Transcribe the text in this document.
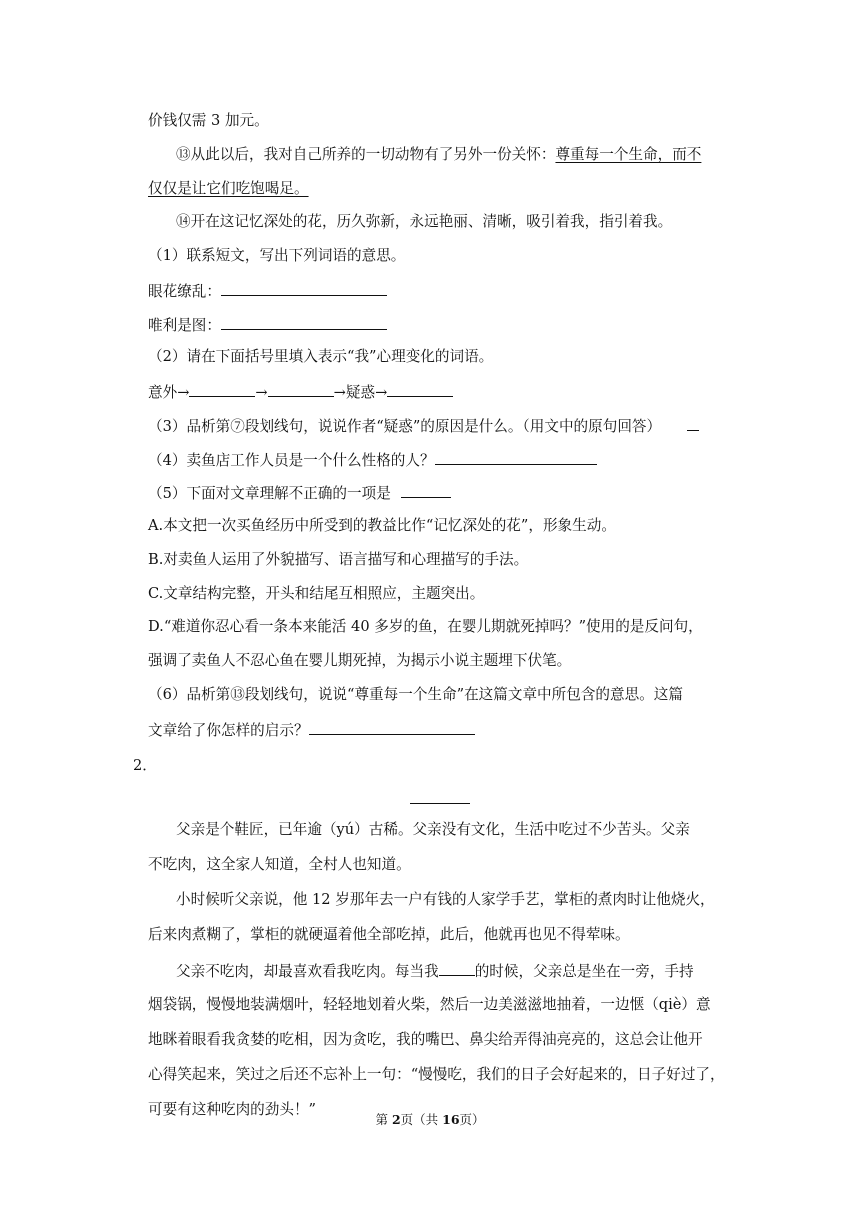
价钱仅需 3 加元。
⑬从此以后，我对自己所养的一切动物有了另外一份关怀：尊重每一个生命，而不
仅仅是让它们吃饱喝足。
⑭开在这记忆深处的花，历久弥新，永远艳丽、清晰，吸引着我，指引着我。
（1）联系短文，写出下列词语的意思。
眼花缭乱：
唯利是图：
（2）请在下面括号里填入表示“我”心理变化的词语。
意外→	→	→疑惑→
（3）品析第⑦段划线句，说说作者“疑惑”的原因是什么。（用文中的原句回答）
（4）卖鱼店工作人员是一个什么性格的人？
（5）下面对文章理解不正确的一项是
A.本文把一次买鱼经历中所受到的教益比作“记忆深处的花”，形象生动。
B.对卖鱼人运用了外貌描写、语言描写和心理描写的手法。
C.文章结构完整，开头和结尾互相照应，主题突出。
D.“难道你忍心看一条本来能活 40 多岁的鱼，在婴儿期就死掉吗？”使用的是反问句，
强调了卖鱼人不忍心鱼在婴儿期死掉，为揭示小说主题埋下伏笔。
（6）品析第⑬段划线句，说说“尊重每一个生命”在这篇文章中所包含的意思。这篇
文章给了你怎样的启示？
2．
父亲是个鞋匠，已年逾（yú）古稀。父亲没有文化，生活中吃过不少苦头。父亲
不吃肉，这全家人知道，全村人也知道。
小时候听父亲说，他 12 岁那年去一户有钱的人家学手艺，掌柜的煮肉时让他烧火，
后来肉煮糊了，掌柜的就硬逼着他全部吃掉，此后，他就再也见不得荤味。
父亲不吃肉，却最喜欢看我吃肉。每当我 的时候，父亲总是坐在一旁，手持
烟袋锅，慢慢地装满烟叶，轻轻地划着火柴，然后一边美滋滋地抽着，一边惬（qiè）意
地眯着眼看我贪婪的吃相，因为贪吃，我的嘴巴、鼻尖给弄得油亮亮的，这总会让他开
心得笑起来，笑过之后还不忘补上一句：“慢慢吃，我们的日子会好起来的，日子好过了，
可要有这种吃肉的劲头！”
第 2页（共 16页）
